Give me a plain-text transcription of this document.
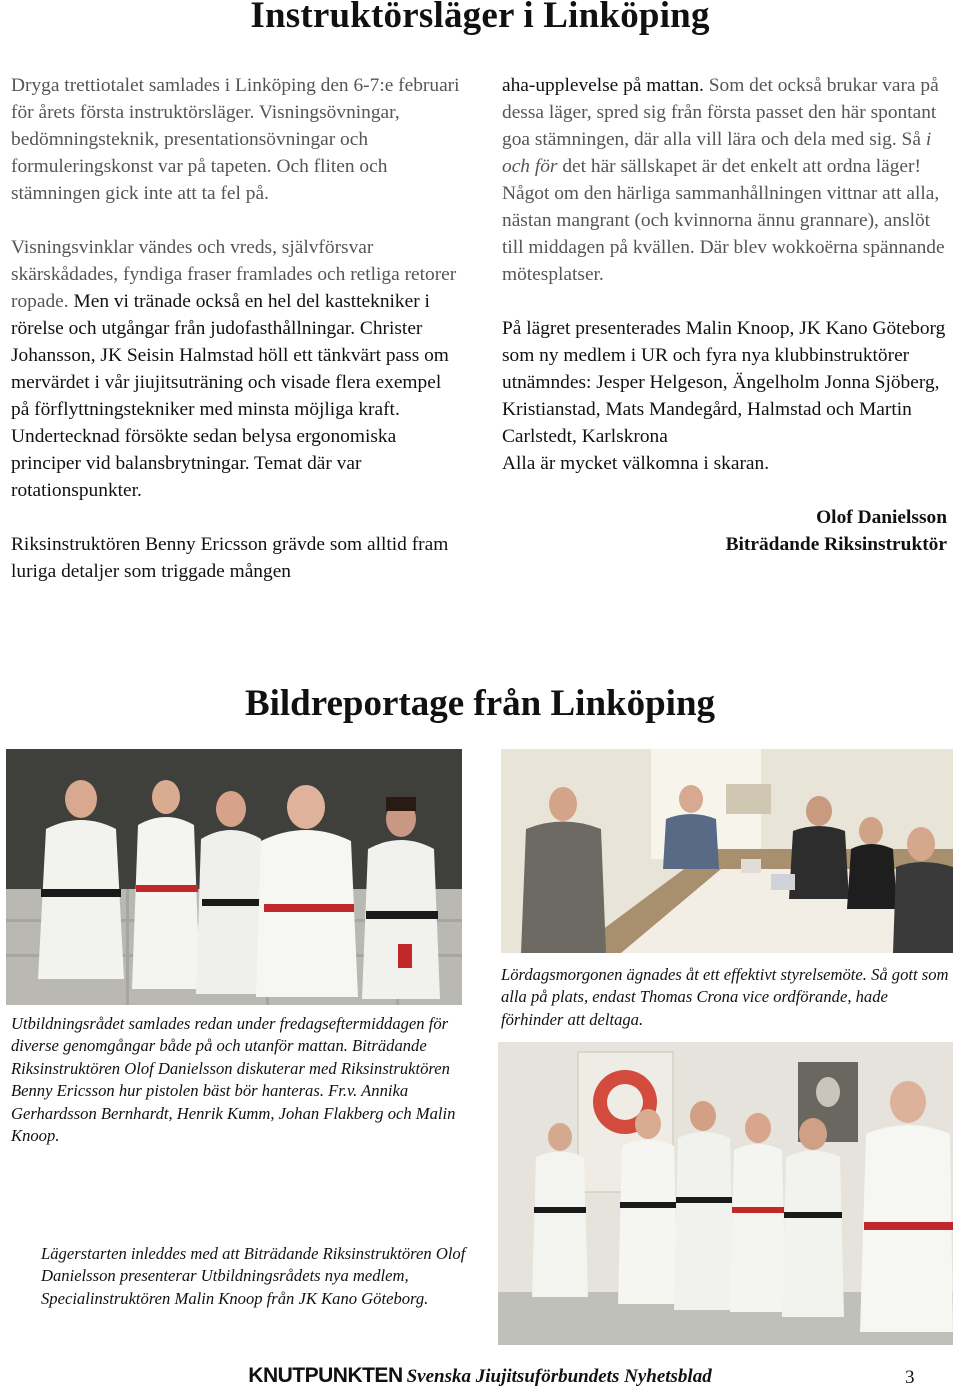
Instruktörsläger i Linköping

Dryga trettiotalet samlades i Linköping den 6-7:e februari för årets första instruktörsläger. Visningsövningar, bedömningsteknik, presentationsövningar och formuleringskonst var på tapeten. Och fliten och stämningen gick inte att ta fel på.

Visningsvinklar vändes och vreds, självförsvar skärskådades, fyndiga fraser framlades och retliga retorer ropade. Men vi tränade också en hel del kasttekniker i rörelse och utgångar från judofasthållningar. Christer Johansson, JK Seisin Halmstad höll ett tänkvärt pass om mervärdet i vår jiujitsuträning och visade flera exempel på förflyttningstekniker med minsta möjliga kraft. Undertecknad försökte sedan belysa ergonomiska principer vid balansbrytningar. Temat där var rotationspunkter.

Riksinstruktören Benny Ericsson grävde som alltid fram luriga detaljer som triggade mången

aha-upplevelse på mattan. Som det också brukar vara på dessa läger, spred sig från första passet den här spontant goa stämningen, där alla vill lära och dela med sig. Så i och för det här sällskapet är det enkelt att ordna läger! Något om den härliga sammanhållningen vittnar att alla, nästan mangrant (och kvinnorna ännu grannare), anslöt till middagen på kvällen. Där blev wokkoërna spännande mötesplatser.

På lägret presenterades Malin Knoop, JK Kano Göteborg som ny medlem i UR och fyra nya klubbinstruktörer utnämndes: Jesper Helgeson, Ängelholm Jonna Sjöberg, Kristianstad, Mats Mandegård, Halmstad och Martin Carlstedt, Karlskrona

Alla är mycket välkomna i skaran.

Olof Danielsson
Biträdande Riksinstruktör
Bildreportage från Linköping
Utbildningsrådet samlades redan under fredagseftermiddagen för diverse genomgångar både på och utanför mattan. Biträdande Riksinstruktören Olof Danielsson diskuterar med Riksinstruktören Benny Ericsson hur pistolen bäst bör hanteras. Fr.v. Annika Gerhardsson Bernhardt, Henrik Kumm, Johan Flakberg och Malin Knoop.
Lördagsmorgonen ägnades åt ett effektivt styrelsemöte. Så gott som alla på plats, endast Thomas Crona vice ordförande, hade förhinder att deltaga.
Lägerstarten inleddes med att Biträdande Riksinstruktören Olof Danielsson presenterar Utbildningsrådets nya medlem, Specialinstruktören Malin Knoop från JK Kano Göteborg.
KNUTPUNKTEN Svenska Jiujitsuförbundets Nyhetsblad	3
